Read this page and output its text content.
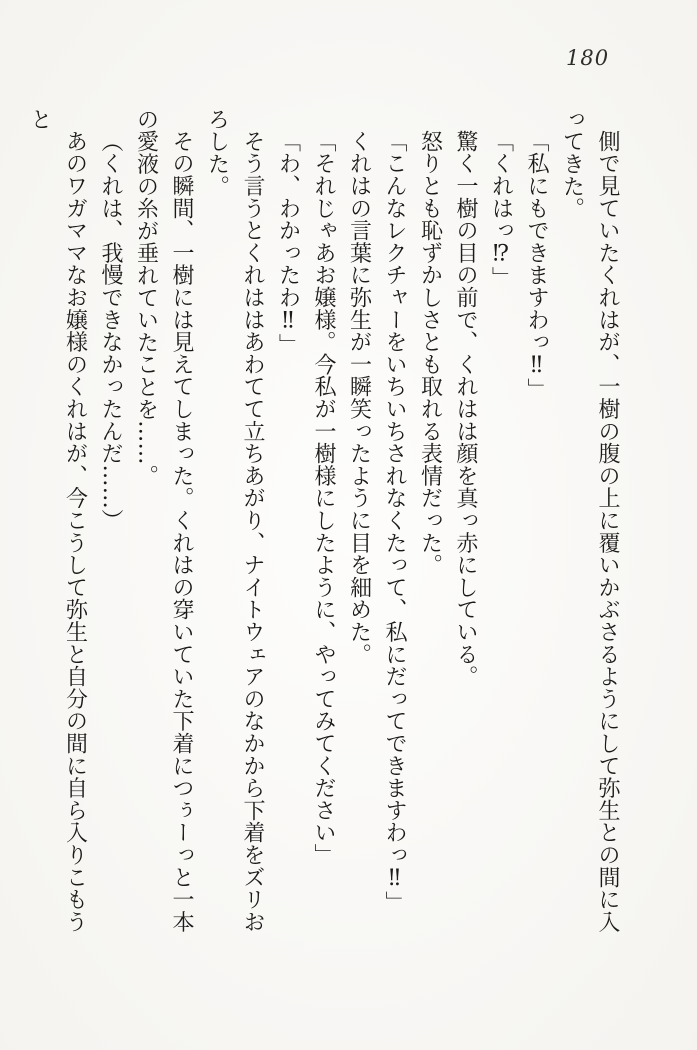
180

側で見ていたくれはが、一樹の腹の上に覆いかぶさるようにして弥生との間に入ってきた。

「私にもできますわっ‼」

「くれはっ⁉」

驚く一樹の目の前で、くれはは顔を真っ赤にしている。

怒りとも恥ずかしさとも取れる表情だった。

「こんなレクチャーをいちいちされなくたって、私にだってできますわっ‼」

くれはの言葉に弥生が一瞬笑ったように目を細めた。

「それじゃあお嬢様。今私が一樹様にしたように、やってみてください」

「わ、わかったわ‼」

そう言うとくれははあわてて立ちあがり、ナイトウェアのなかから下着をズリおろした。

その瞬間、一樹には見えてしまった。くれはの穿いていた下着につぅーっと一本の愛液の糸が垂れていたことを……。

（くれは、我慢できなかったんだ……）

あのワガママなお嬢様のくれはが、今こうして弥生と自分の間に自ら入りこもうと
